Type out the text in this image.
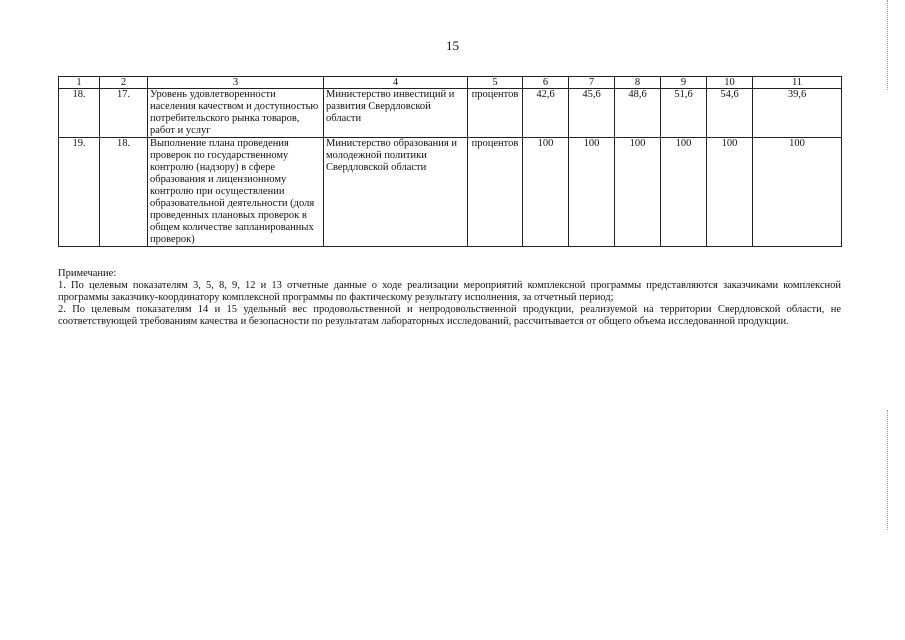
15
1	2	3	4	5	6	7	8	9	10	11
18.	17.	Уровень удовлетворенности населения качеством и доступностью потребительского рынка товаров, работ и услуг	Министерство инвестиций и развития Свердловской области	процентов	42,6	45,6	48,6	51,6	54,6	39,6
19.	18.	Выполнение плана проведения проверок по государственному контролю (надзору) в сфере образования и лицензионному контролю при осуществлении образовательной деятельности (доля проведенных плановых проверок в общем количестве запланированных проверок)	Министерство образования и молодежной политики Свердловской области	процентов	100	100	100	100	100	100

Примечание:

1. По целевым показателям 3, 5, 8, 9, 12 и 13 отчетные данные о ходе реализации мероприятий комплексной программы представляются заказчиками комплексной программы заказчику-координатору комплексной программы по фактическому результату исполнения, за отчетный период;

2. По целевым показателям 14 и 15 удельный вес продовольственной и непродовольственной продукции, реализуемой на территории Свердловской области, не соответствующей требованиям качества и безопасности по результатам лабораторных исследований, рассчитывается от общего объема исследованной продукции.
